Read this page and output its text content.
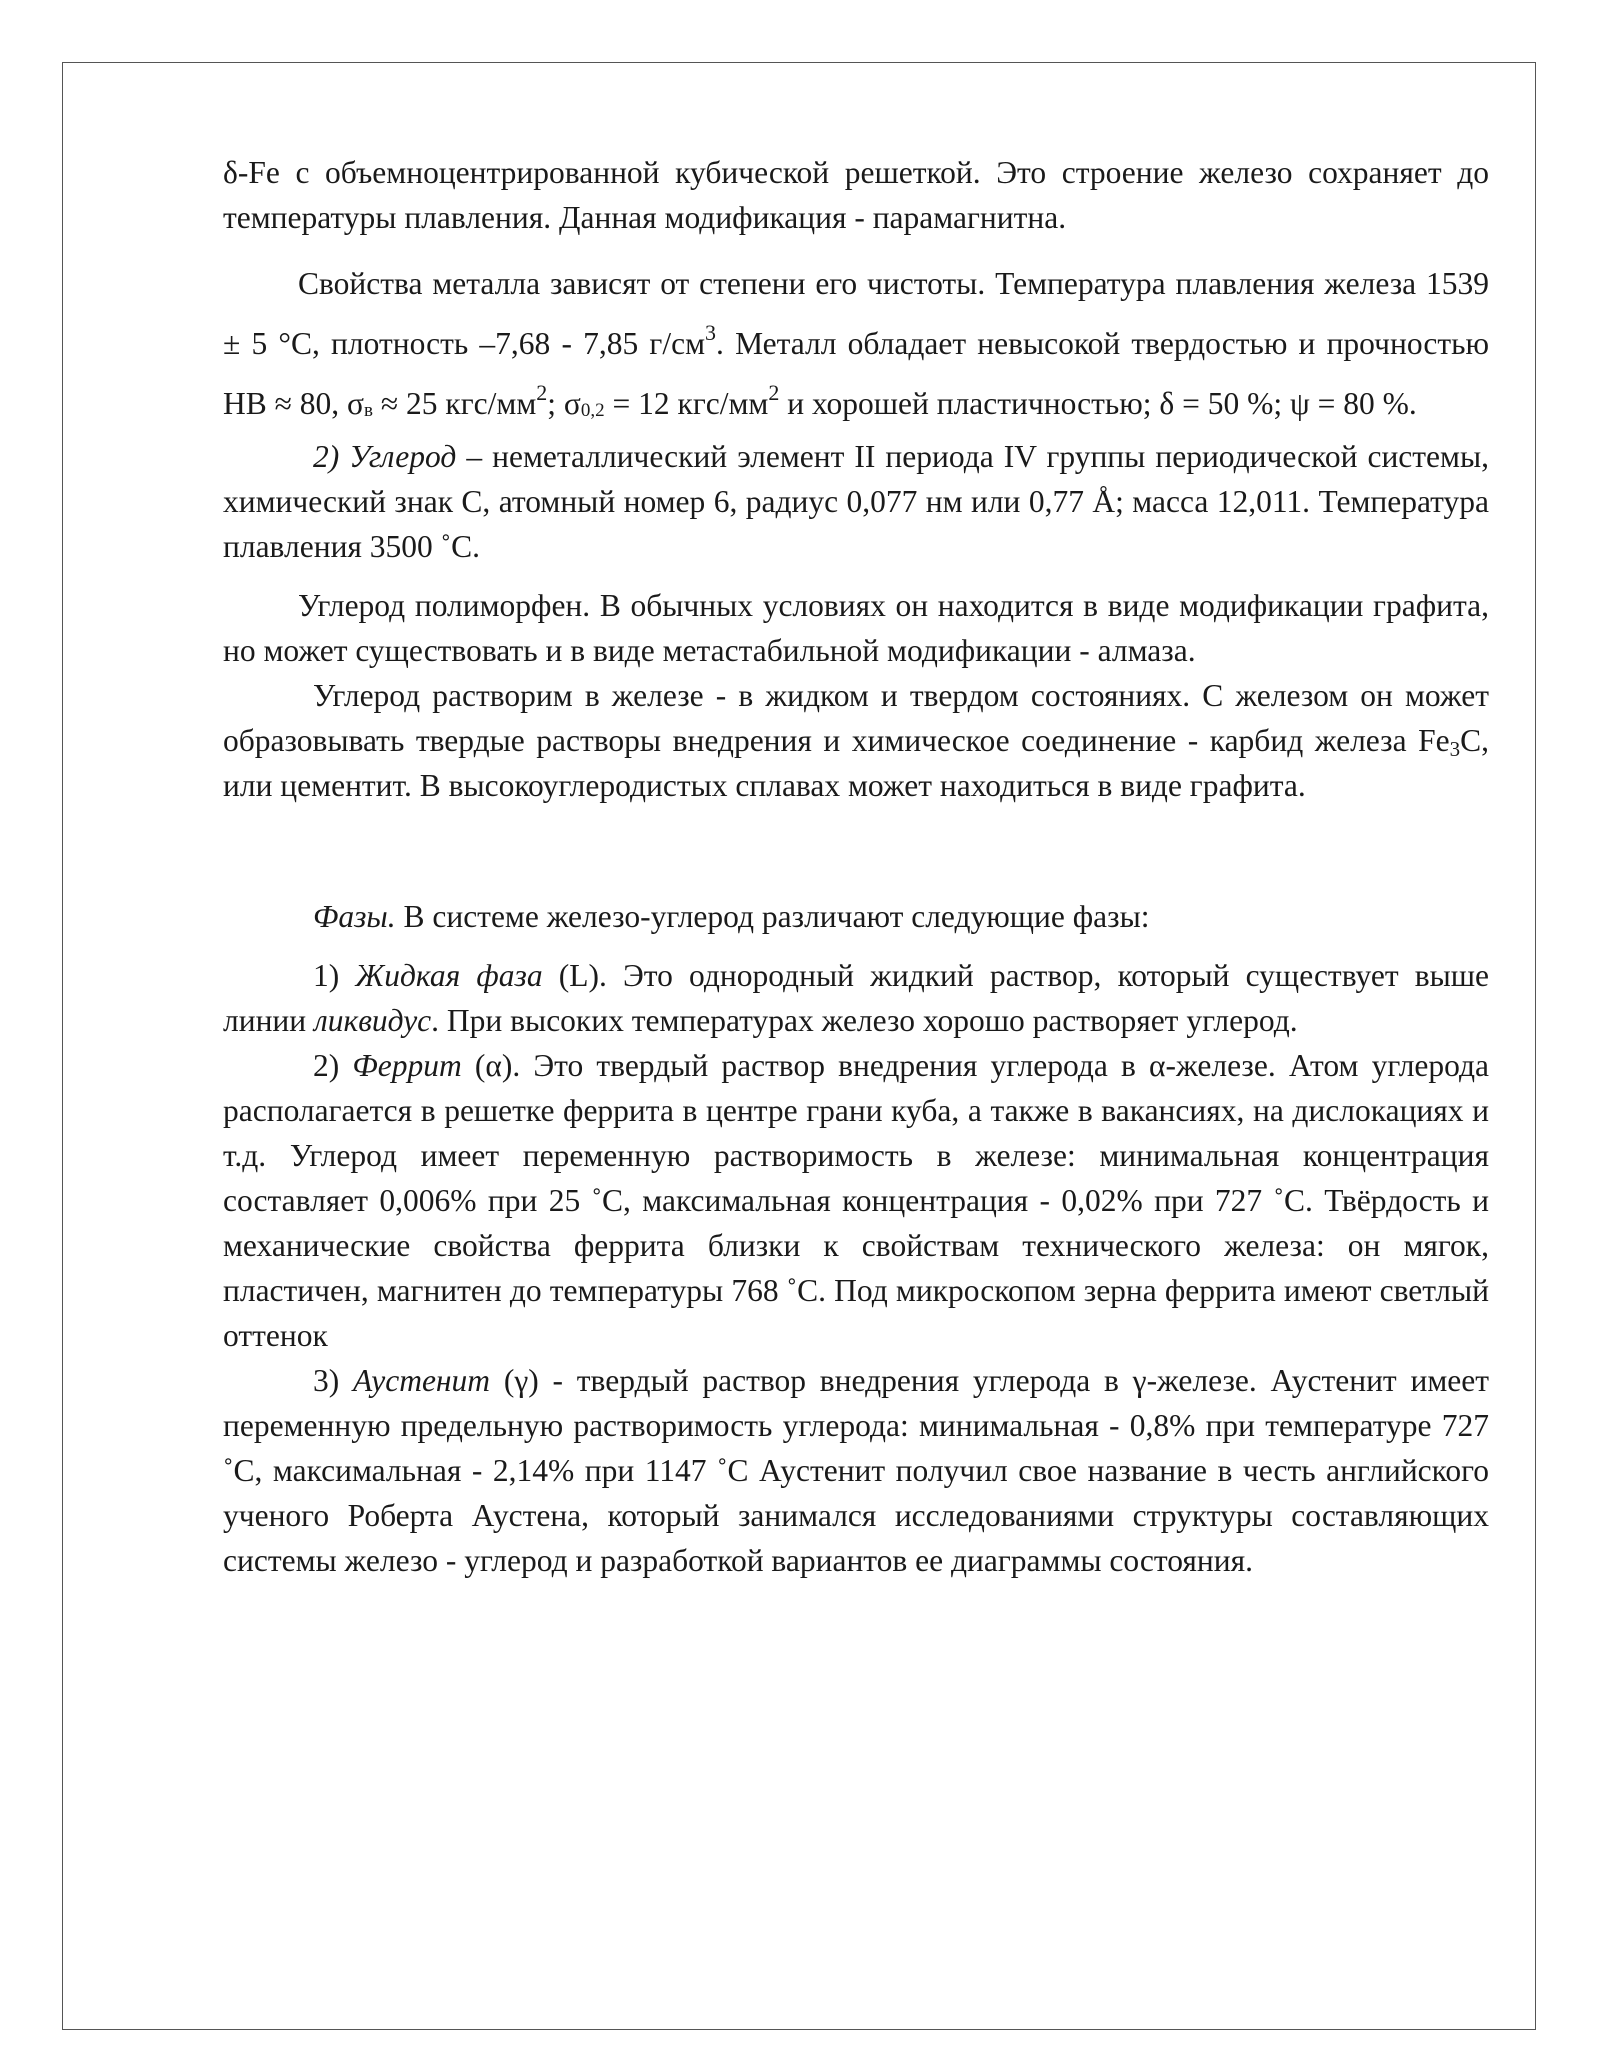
δ-Fe с объемноцентрированной кубической решеткой. Это строение железо сохраняет до температуры плавления. Данная модификация - парамагнитна.

Свойства металла зависят от степени его чистоты. Температура плавления железа 1539 ± 5 °C, плотность –7,68 - 7,85 $г/см^3$. Металл обладает невысокой твердостью и прочностью НВ ≈ 80, $\sigma_в \approx 25$ кгс/$мм^2$; $\sigma_{0,2} = 12$ кгс/$мм^2$ и хорошей пластичностью; δ = 50 %; ψ = 80 %.

2) Углерод – неметаллический элемент II периода IV группы периодической системы, химический знак С, атомный номер 6, радиус 0,077 нм или 0,77 Å; масса 12,011. Температура плавления 3500 ˚С.

Углерод полиморфен. В обычных условиях он находится в виде модификации графита, но может существовать и в виде метастабильной модификации - алмаза.

Углерод растворим в железе - в жидком и твердом состояниях. С железом он может образовывать твердые растворы внедрения и химическое соединение - карбид железа $Fe_3C$, или цементит. В высокоуглеродистых сплавах может находиться в виде графита.

Фазы. В системе железо-углерод различают следующие фазы:

1) Жидкая фаза (L). Это однородный жидкий раствор, который существует выше линии ликвидус. При высоких температурах железо хорошо растворяет углерод.

2) Феррит (α). Это твердый раствор внедрения углерода в α-железе. Атом углерода располагается в решетке феррита в центре грани куба, а также в вакансиях, на дислокациях и т.д. Углерод имеет переменную растворимость в железе: минимальная концентрация составляет 0,006% при 25 ˚С, максимальная концентрация - 0,02% при 727 ˚С. Твёрдость и механические свойства феррита близки к свойствам технического железа: он мягок, пластичен, магнитен до температуры 768 ˚С. Под микроскопом зерна феррита имеют светлый оттенок

3) Аустенит (γ) - твердый раствор внедрения углерода в γ-железе. Аустенит имеет переменную предельную растворимость углерода: минимальная - 0,8% при температуре 727 ˚С, максимальная - 2,14% при 1147 ˚С Аустенит получил свое название в честь английского ученого Роберта Аустена, который занимался исследованиями структуры составляющих системы железо - углерод и разработкой вариантов ее диаграммы состояния.
